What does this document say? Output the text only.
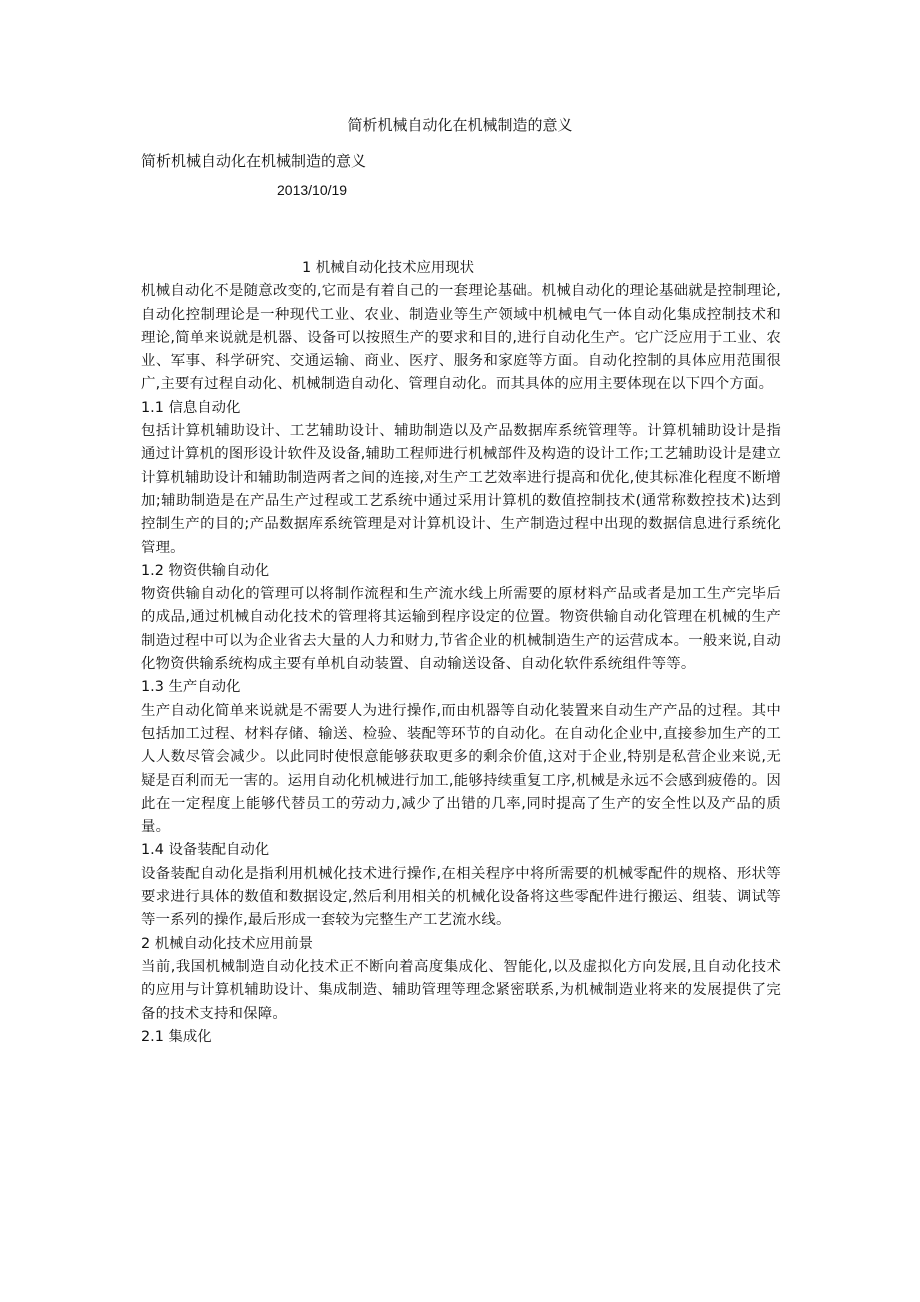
简析机械自动化在机械制造的意义
简析机械自动化在机械制造的意义
2013/10/19
1 机械自动化技术应用现状

机械自动化不是随意改变的,它而是有着自己的一套理论基础。机械自动化的理论基础就是控制理论,自动化控制理论是一种现代工业、农业、制造业等生产领域中机械电气一体自动化集成控制技术和理论,简单来说就是机器、设备可以按照生产的要求和目的,进行自动化生产。它广泛应用于工业、农业、军事、科学研究、交通运输、商业、医疗、服务和家庭等方面。自动化控制的具体应用范围很广,主要有过程自动化、机械制造自动化、管理自动化。而其具体的应用主要体现在以下四个方面。

1.1 信息自动化

包括计算机辅助设计、工艺辅助设计、辅助制造以及产品数据库系统管理等。计算机辅助设计是指通过计算机的图形设计软件及设备,辅助工程师进行机械部件及构造的设计工作;工艺辅助设计是建立计算机辅助设计和辅助制造两者之间的连接,对生产工艺效率进行提高和优化,使其标准化程度不断增加;辅助制造是在产品生产过程或工艺系统中通过采用计算机的数值控制技术(通常称数控技术)达到控制生产的目的;产品数据库系统管理是对计算机设计、生产制造过程中出现的数据信息进行系统化管理。

1.2 物资供输自动化

物资供输自动化的管理可以将制作流程和生产流水线上所需要的原材料产品或者是加工生产完毕后的成品,通过机械自动化技术的管理将其运输到程序设定的位置。物资供输自动化管理在机械的生产制造过程中可以为企业省去大量的人力和财力,节省企业的机械制造生产的运营成本。一般来说,自动化物资供输系统构成主要有单机自动装置、自动输送设备、自动化软件系统组件等等。

1.3 生产自动化

生产自动化简单来说就是不需要人为进行操作,而由机器等自动化装置来自动生产产品的过程。其中包括加工过程、材料存储、输送、检验、装配等环节的自动化。在自动化企业中,直接参加生产的工人人数尽管会减少。以此同时使恨意能够获取更多的剩余价值,这对于企业,特别是私营企业来说,无疑是百利而无一害的。运用自动化机械进行加工,能够持续重复工序,机械是永远不会感到疲倦的。因此在一定程度上能够代替员工的劳动力,减少了出错的几率,同时提高了生产的安全性以及产品的质量。

1.4 设备装配自动化

设备装配自动化是指利用机械化技术进行操作,在相关程序中将所需要的机械零配件的规格、形状等要求进行具体的数值和数据设定,然后利用相关的机械化设备将这些零配件进行搬运、组装、调试等等一系列的操作,最后形成一套较为完整生产工艺流水线。

2 机械自动化技术应用前景

当前,我国机械制造自动化技术正不断向着高度集成化、智能化,以及虚拟化方向发展,且自动化技术的应用与计算机辅助设计、集成制造、辅助管理等理念紧密联系,为机械制造业将来的发展提供了完备的技术支持和保障。

2.1 集成化
